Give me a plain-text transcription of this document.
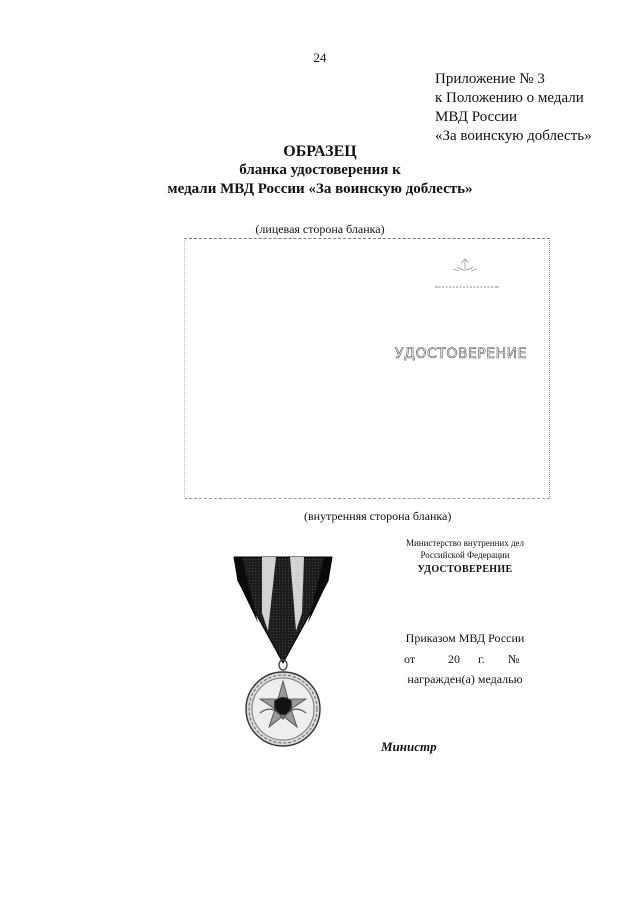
24
Приложение № 3
к Положению о медали
МВД России
«За воинскую доблесть»
ОБРАЗЕЦ
бланка удостоверения к
медали МВД России «За воинскую доблесть»
(лицевая сторона бланка)
УДОСТОВЕРЕНИЕ
(внутренняя сторона бланка)
Министерство внутренних дел
Российской Федерации
УДОСТОВЕРЕНИЕ
Приказом МВД России
от	20 г. №
награжден(а) медалью
Министр
